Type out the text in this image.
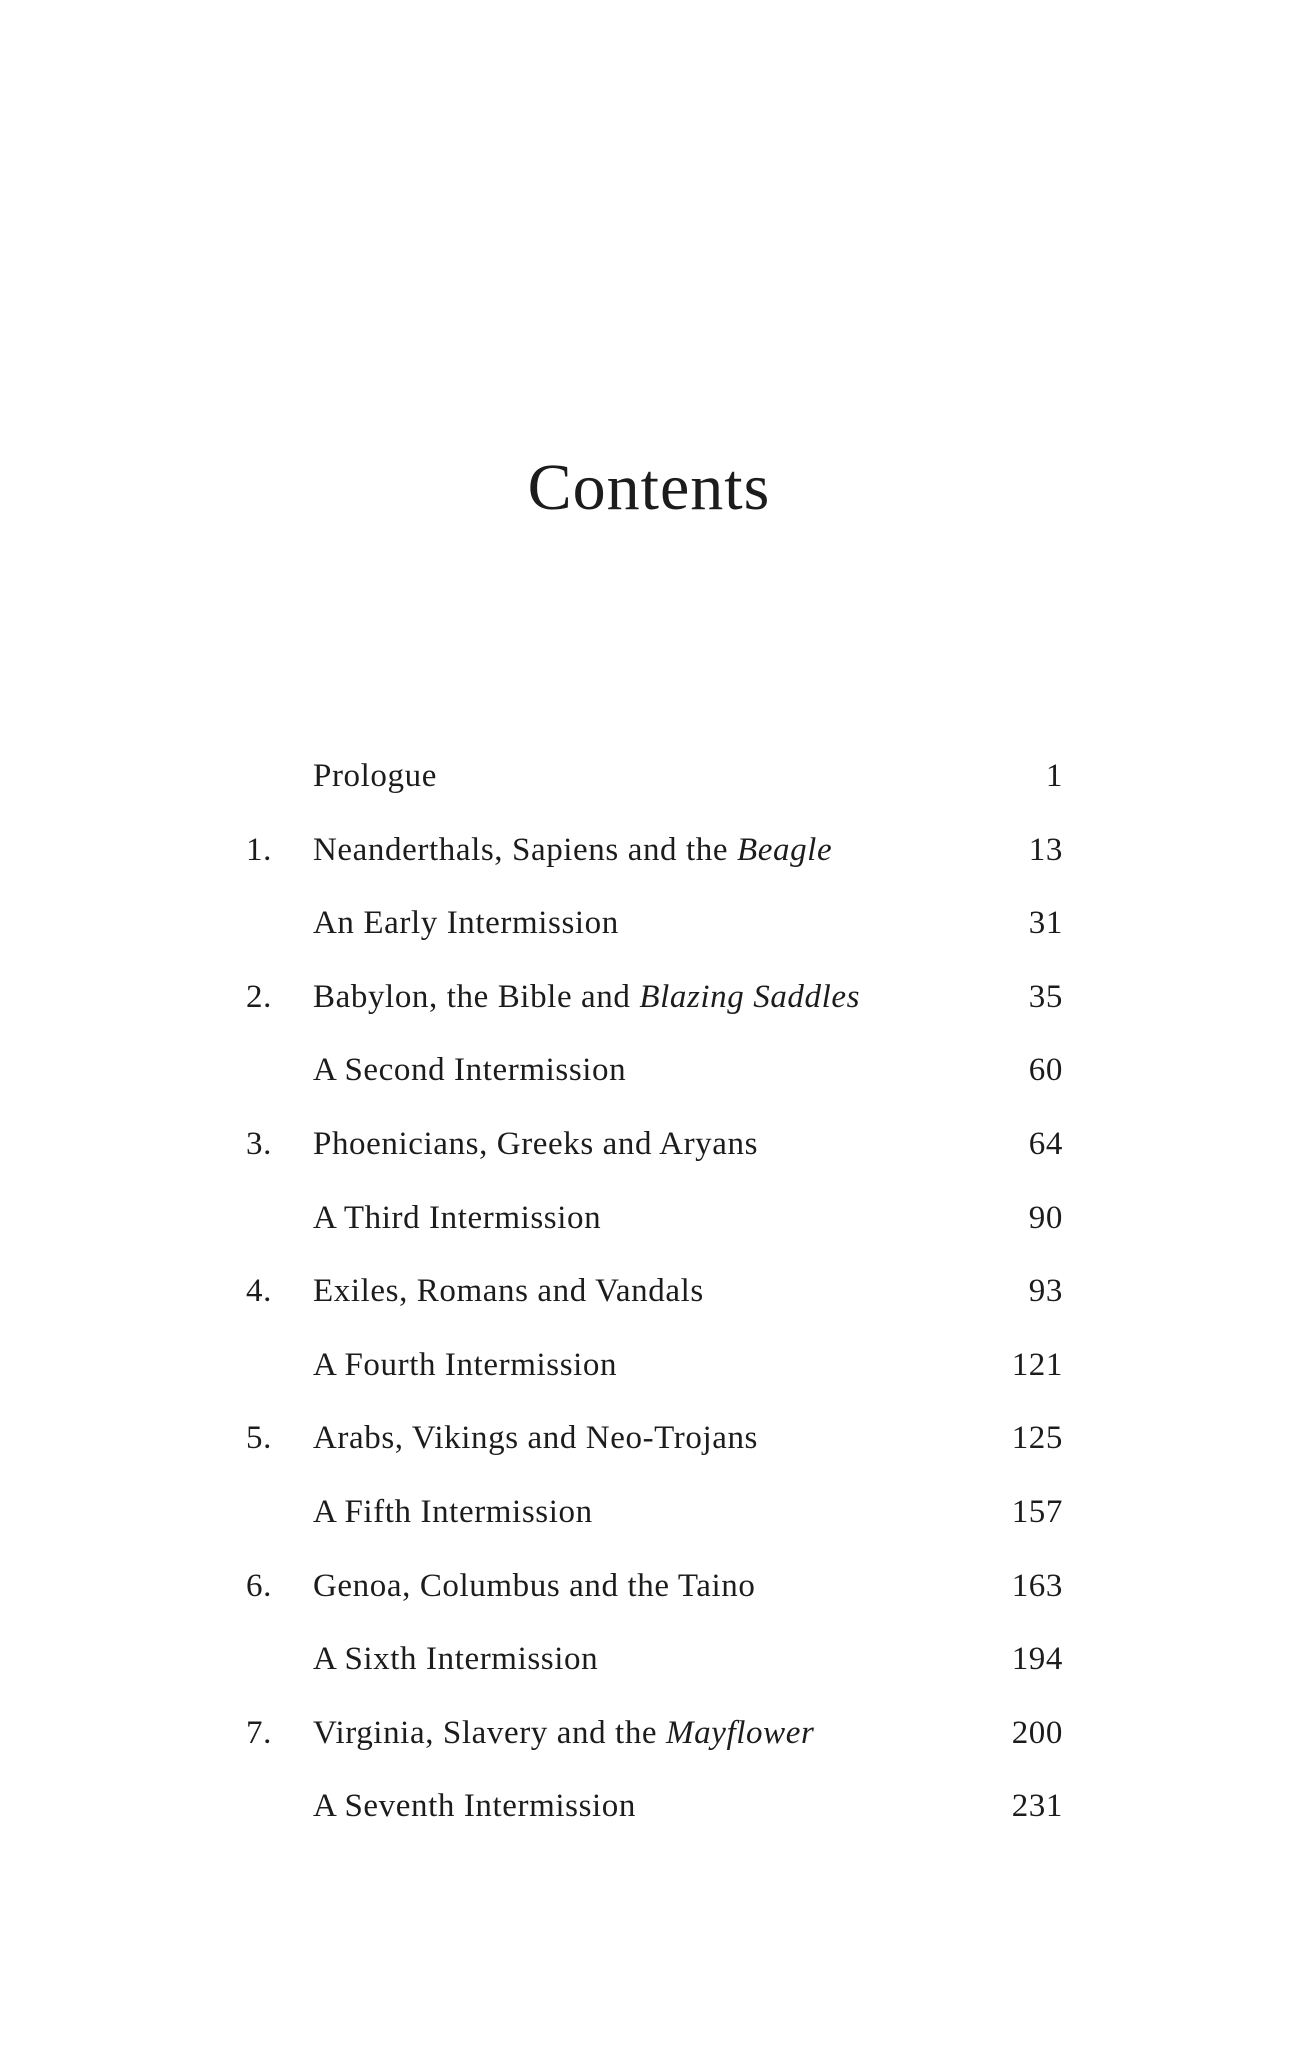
Contents
Prologue	1
1. Neanderthals, Sapiens and the Beagle	13
An Early Intermission	31
2. Babylon, the Bible and Blazing Saddles	35
A Second Intermission	60
3. Phoenicians, Greeks and Aryans	64
A Third Intermission	90
4. Exiles, Romans and Vandals	93
A Fourth Intermission	121
5. Arabs, Vikings and Neo-Trojans	125
A Fifth Intermission	157
6. Genoa, Columbus and the Taino	163
A Sixth Intermission	194
7. Virginia, Slavery and the Mayflower	200
A Seventh Intermission	231
